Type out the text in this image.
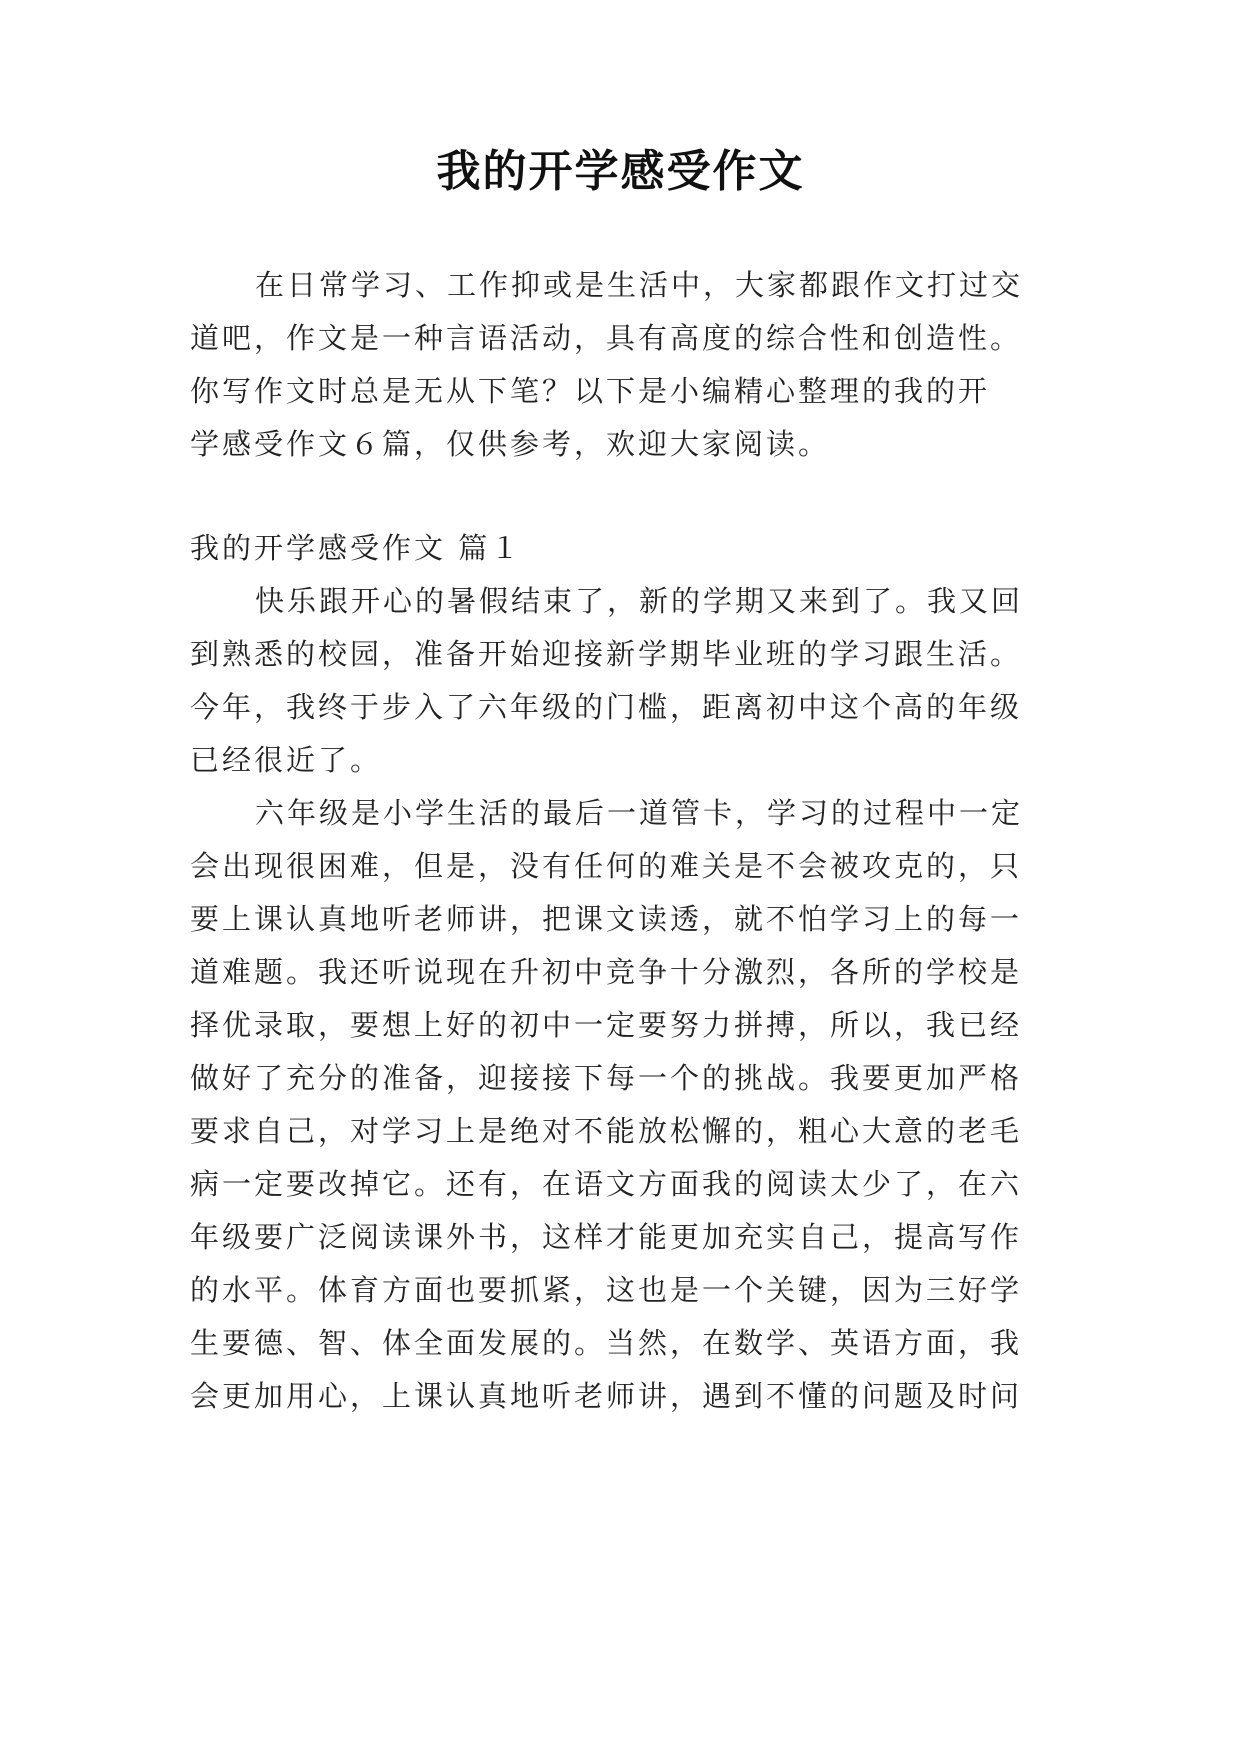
我的开学感受作文
在日常学习、工作抑或是生活中，大家都跟作文打过交
道吧，作文是一种言语活动，具有高度的综合性和创造性。
你写作文时总是无从下笔？以下是小编精心整理的我的开
学感受作文６篇，仅供参考，欢迎大家阅读。
我的开学感受作文 篇１
快乐跟开心的暑假结束了，新的学期又来到了。我又回
到熟悉的校园，准备开始迎接新学期毕业班的学习跟生活。
今年，我终于步入了六年级的门槛，距离初中这个高的年级
已经很近了。
六年级是小学生活的最后一道管卡，学习的过程中一定
会出现很困难，但是，没有任何的难关是不会被攻克的，只
要上课认真地听老师讲，把课文读透，就不怕学习上的每一
道难题。我还听说现在升初中竞争十分激烈，各所的学校是
择优录取，要想上好的初中一定要努力拼搏，所以，我已经
做好了充分的准备，迎接接下每一个的挑战。我要更加严格
要求自己，对学习上是绝对不能放松懈的，粗心大意的老毛
病一定要改掉它。还有，在语文方面我的阅读太少了，在六
年级要广泛阅读课外书，这样才能更加充实自己，提高写作
的水平。体育方面也要抓紧，这也是一个关键，因为三好学
生要德、智、体全面发展的。当然，在数学、英语方面，我
会更加用心，上课认真地听老师讲，遇到不懂的问题及时问
